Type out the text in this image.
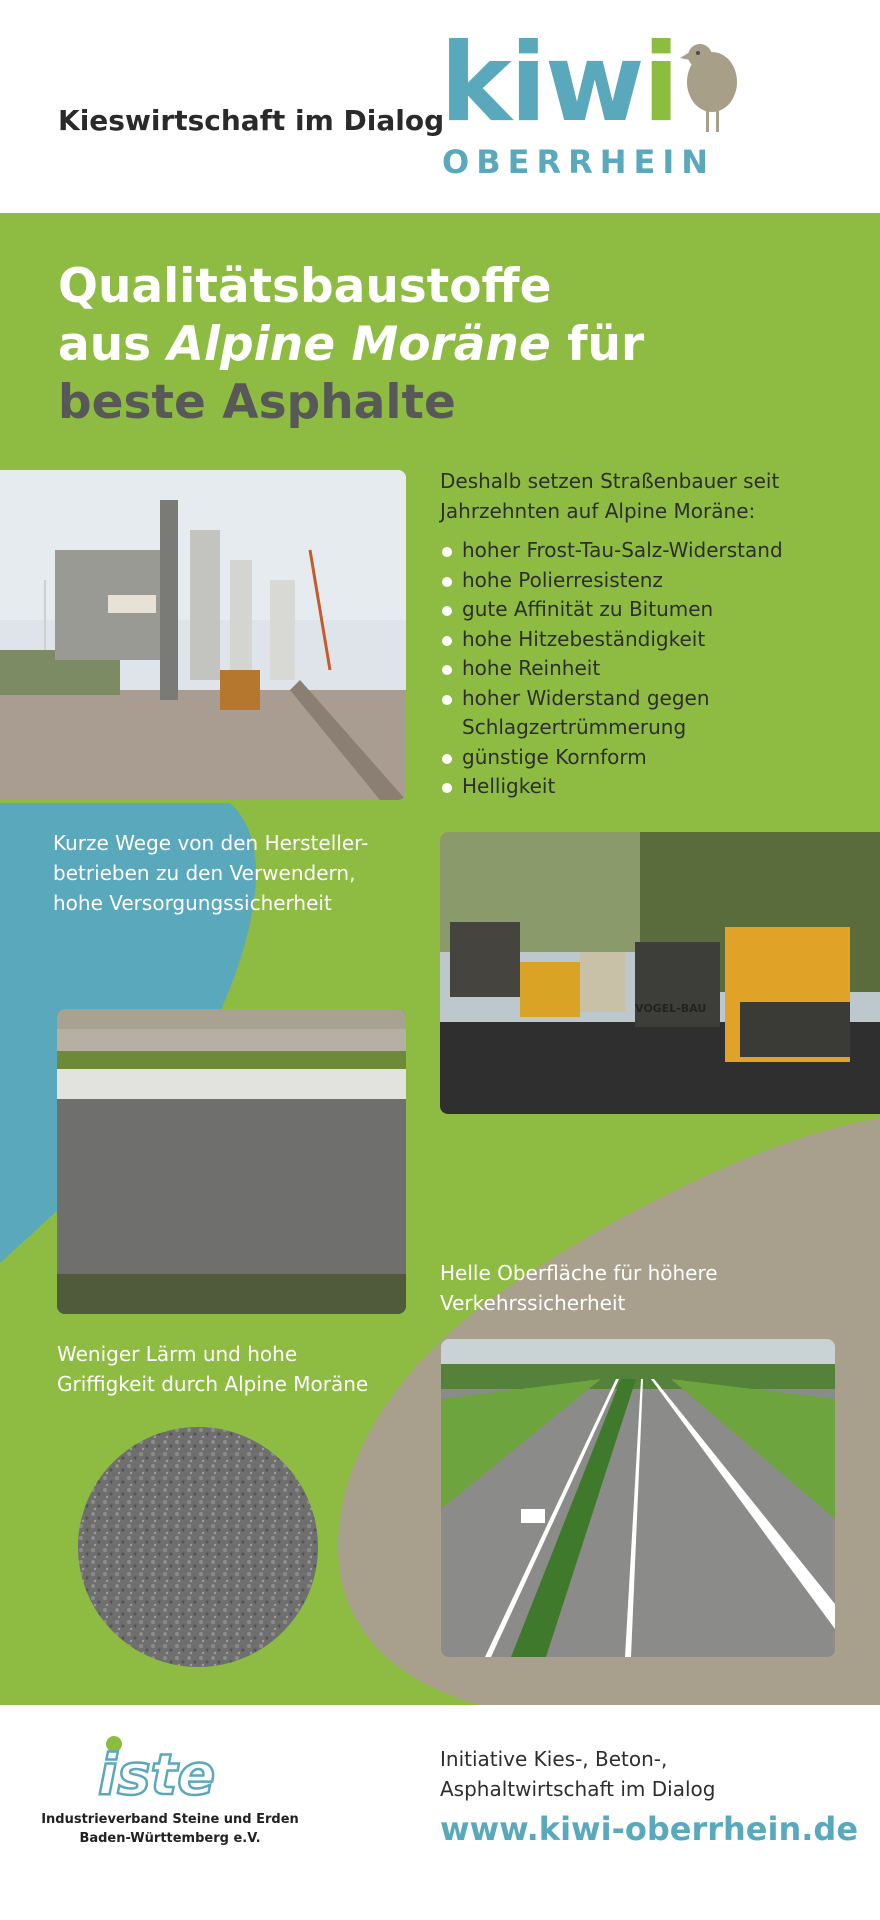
Kieswirtschaft im Dialog
kiwi
OBERRHEIN
Qualitätsbaustoffe
aus Alpine Moräne für
beste Asphalte
Deshalb setzen Straßenbauer seit Jahrzehnten auf Alpine Moräne:
hoher Frost-Tau-Salz-Widerstand
hohe Polierresistenz
gute Affinität zu Bitumen
hohe Hitzebeständigkeit
hohe Reinheit
hoher Widerstand gegen Schlagzertrümmerung
günstige Kornform
Helligkeit
Kurze Wege von den Hersteller-betrieben zu den Verwendern, hohe Versorgungssicherheit
VOGEL-BAU
Helle Oberfläche für höhere Verkehrssicherheit
Weniger Lärm und hohe Griffigkeit durch Alpine Moräne
iste
Industrieverband Steine und Erden
Baden-Württemberg e.V.
Initiative Kies-, Beton-,
Asphaltwirtschaft im Dialog
www.kiwi-oberrhein.de
